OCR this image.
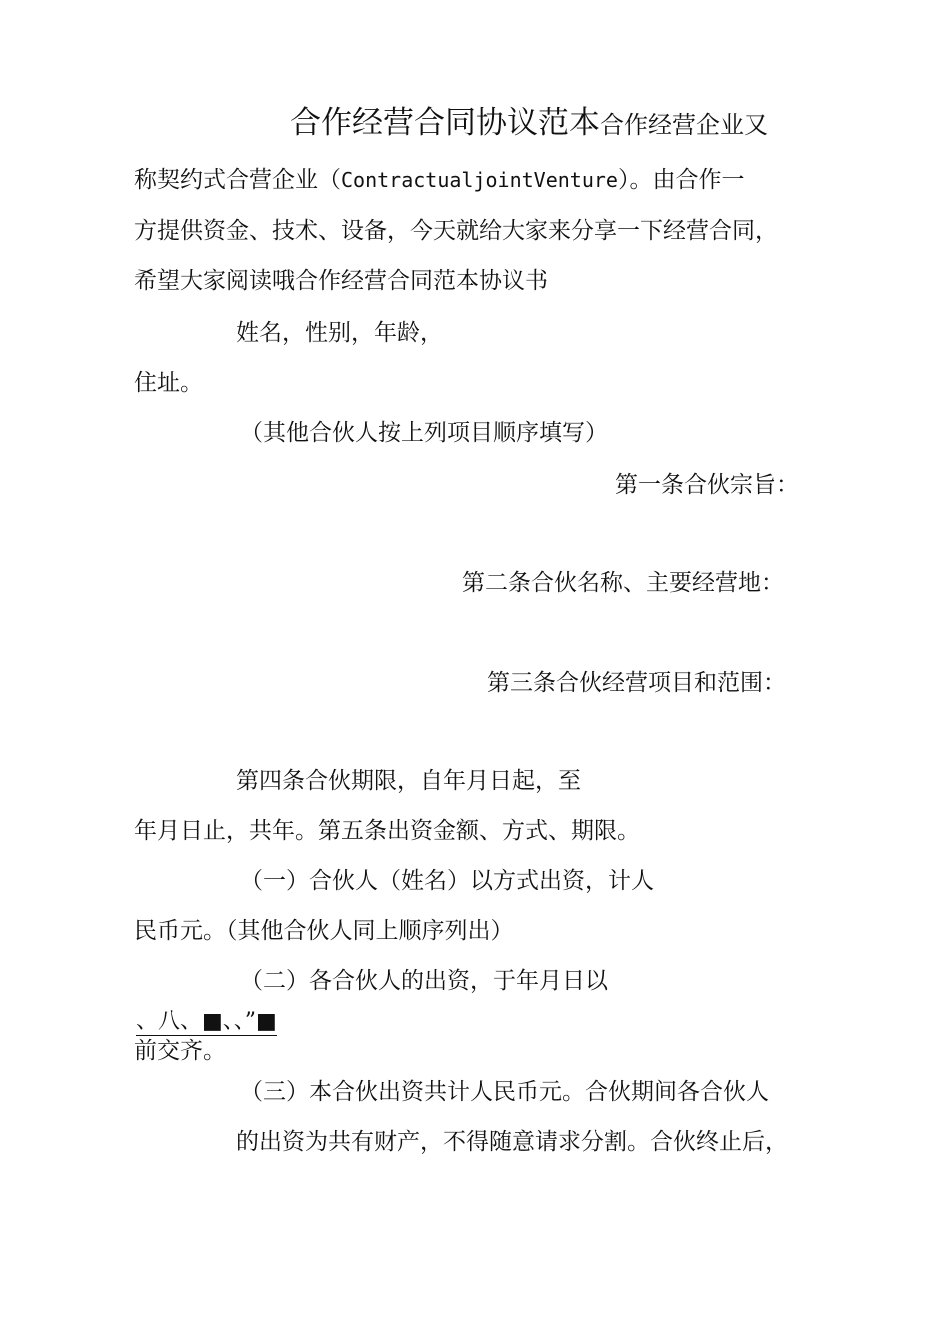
合作经营合同协议范本合作经营企业又
称契约式合营企业（ContractualjointVenture）。由合作一
方提供资金、技术、设备，今天就给大家来分享一下经营合同，
希望大家阅读哦合作经营合同范本协议书
姓名，性别，年龄，
住址。
（其他合伙人按上列项目顺序填写）
第一条合伙宗旨：
第二条合伙名称、主要经营地：
第三条合伙经营项目和范围：
第四条合伙期限，自年月日起，至
年月日止，共年。第五条出资金额、方式、期限。
（一）合伙人（姓名）以方式出资，计人
民币元。（其他合伙人同上顺序列出）
（二）各合伙人的出资，于年月日以
、八、■、、”■
前交齐。
（三）本合伙出资共计人民币元。合伙期间各合伙人
的出资为共有财产，不得随意请求分割。合伙终止后，
